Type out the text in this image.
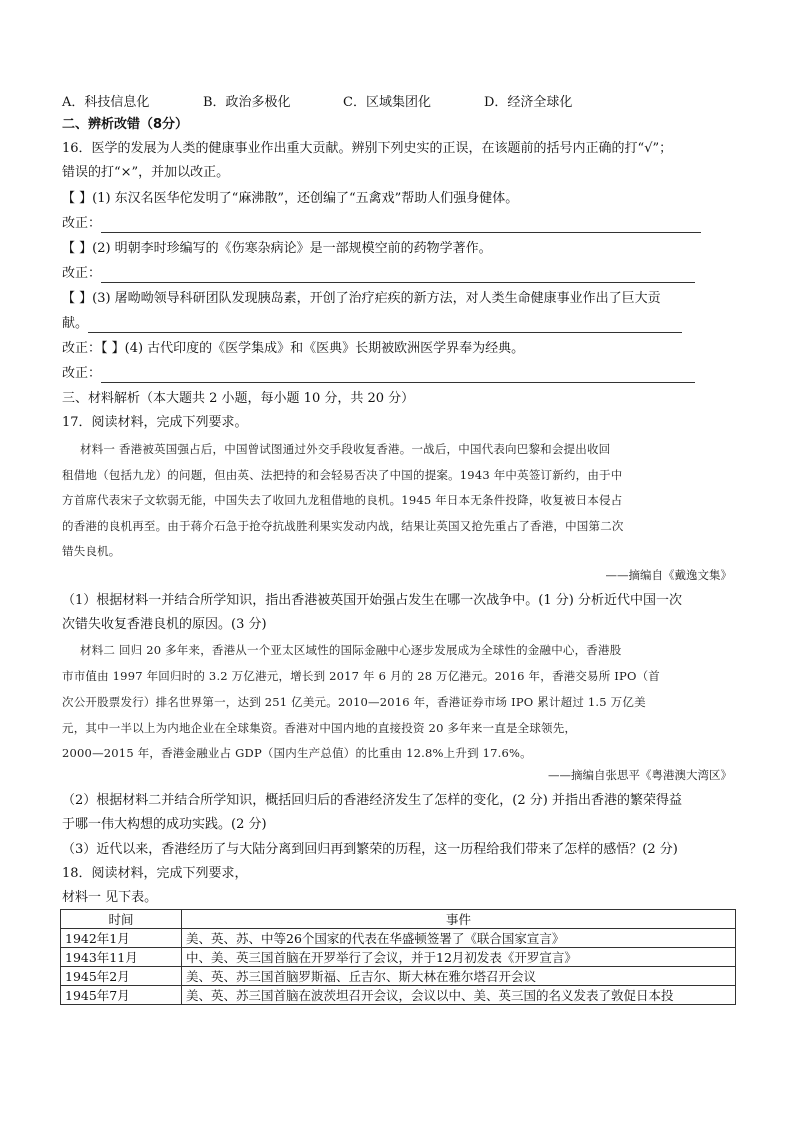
A．科技信息化	B．政治多极化	C．区域集团化	D．经济全球化
二、辨析改错（8分）
16．医学的发展为人类的健康事业作出重大贡献。辨别下列史实的正误，在该题前的括号内正确的打“√”；
错误的打“×”，并加以改正。
【 】(1) 东汉名医华佗发明了“麻沸散”，还创编了“五禽戏”帮助人们强身健体。
改正：
【 】(2) 明朝李时珍编写的《伤寒杂病论》是一部规模空前的药物学著作。
改正：
【 】(3) 屠呦呦领导科研团队发现胰岛素，开创了治疗疟疾的新方法，对人类生命健康事业作出了巨大贡
献。
改正：【 】(4) 古代印度的《医学集成》和《医典》长期被欧洲医学界奉为经典。
改正：
三、材料解析（本大题共 2 小题，每小题 10 分，共 20 分）
17．阅读材料，完成下列要求。
材料一 香港被英国强占后，中国曾试图通过外交手段收复香港。一战后，中国代表向巴黎和会提出收回
租借地（包括九龙）的问题，但由英、法把持的和会轻易否决了中国的提案。1943 年中英签订新约，由于中
方首席代表宋子文软弱无能，中国失去了收回九龙租借地的良机。1945 年日本无条件投降，收复被日本侵占
的香港的良机再至。由于蒋介石急于抢夺抗战胜利果实发动内战，结果让英国又抢先重占了香港，中国第二次
错失良机。
——摘编自《戴逸文集》
（1）根据材料一并结合所学知识，指出香港被英国开始强占发生在哪一次战争中。(1 分) 分析近代中国一次
次错失收复香港良机的原因。(3 分)
材料二 回归 20 多年来，香港从一个亚太区域性的国际金融中心逐步发展成为全球性的金融中心，香港股
市市值由 1997 年回归时的 3.2 万亿港元，增长到 2017 年 6 月的 28 万亿港元。2016 年，香港交易所 IPO（首
次公开股票发行）排名世界第一，达到 251 亿美元。2010—2016 年，香港证券市场 IPO 累计超过 1.5 万亿美
元，其中一半以上为内地企业在全球集资。香港对中国内地的直接投资 20 多年来一直是全球领先，
2000—2015 年，香港金融业占 GDP（国内生产总值）的比重由 12.8%上升到 17.6%。
——摘编自张思平《粤港澳大湾区》
（2）根据材料二并结合所学知识，概括回归后的香港经济发生了怎样的变化，(2 分) 并指出香港的繁荣得益
于哪一伟大构想的成功实践。(2 分)
（3）近代以来，香港经历了与大陆分离到回归再到繁荣的历程，这一历程给我们带来了怎样的感悟？(2 分)
18．阅读材料，完成下列要求，
材料一 见下表。
时间	事件
1942年1月	美、英、苏、中等26个国家的代表在华盛顿签署了《联合国家宣言》
1943年11月	中、美、英三国首脑在开罗举行了会议，并于12月初发表《开罗宣言》
1945年2月	美、英、苏三国首脑罗斯福、丘吉尔、斯大林在雅尔塔召开会议
1945年7月	美、英、苏三国首脑在波茨坦召开会议，会议以中、美、英三国的名义发表了敦促日本投
